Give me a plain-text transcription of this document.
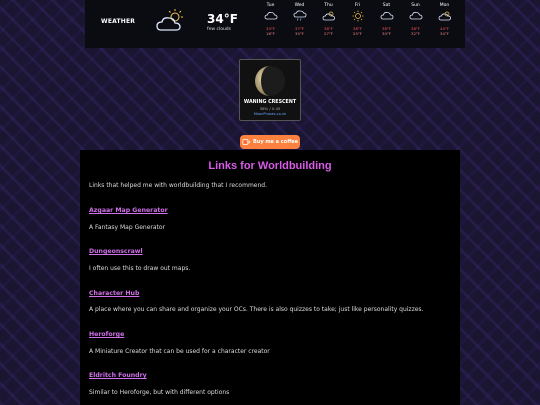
WEATHER	34°F
few clouds
Tue
34°F
16°F
Wed
37°F
30°F
Thu
38°F
27°F
Fri
38°F
25°F
Sat
38°F
30°F
Sun
38°F
32°F
Mon
44°F
34°F
WANING CRESCENT
38% / 0.45
MoonPhases.co.uk
Buy me a coffee
Links for Worldbuilding
Links that helped me with worldbuilding that I recommend.
Azgaar Map Generator
A Fantasy Map Generator
Dungeonscrawl
I often use this to draw out maps.
Character Hub
A place where you can share and organize your OCs. There is also quizzes to take; just like personality quizzes.
Heroforge
A Miniature Creator that can be used for a character creator
Eldritch Foundry
Similar to Heroforge, but with different options
